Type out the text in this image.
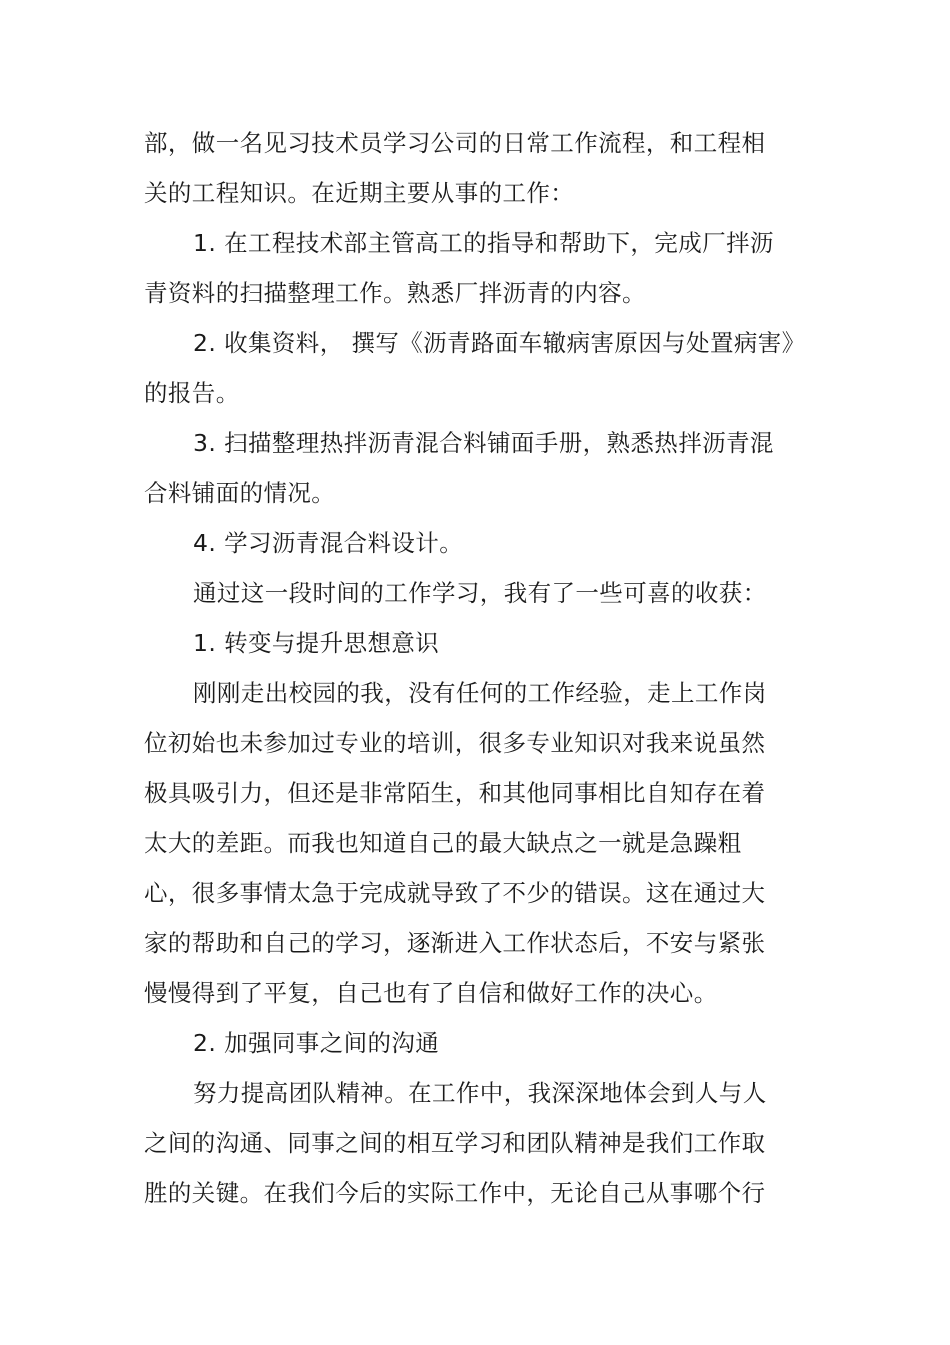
部，做一名见习技术员学习公司的日常工作流程，和工程相
关的工程知识。在近期主要从事的工作：
1. 在工程技术部主管高工的指导和帮助下，完成厂拌沥
青资料的扫描整理工作。熟悉厂拌沥青的内容。
2. 收集资料， 撰写《沥青路面车辙病害原因与处置病害》
的报告。
3. 扫描整理热拌沥青混合料铺面手册，熟悉热拌沥青混
合料铺面的情况。
4. 学习沥青混合料设计。
通过这一段时间的工作学习，我有了一些可喜的收获：
1. 转变与提升思想意识
刚刚走出校园的我，没有任何的工作经验，走上工作岗
位初始也未参加过专业的培训，很多专业知识对我来说虽然
极具吸引力，但还是非常陌生，和其他同事相比自知存在着
太大的差距。而我也知道自己的最大缺点之一就是急躁粗
心，很多事情太急于完成就导致了不少的错误。这在通过大
家的帮助和自己的学习，逐渐进入工作状态后，不安与紧张
慢慢得到了平复，自己也有了自信和做好工作的决心。
2. 加强同事之间的沟通
努力提高团队精神。在工作中，我深深地体会到人与人
之间的沟通、同事之间的相互学习和团队精神是我们工作取
胜的关键。在我们今后的实际工作中，无论自己从事哪个行
